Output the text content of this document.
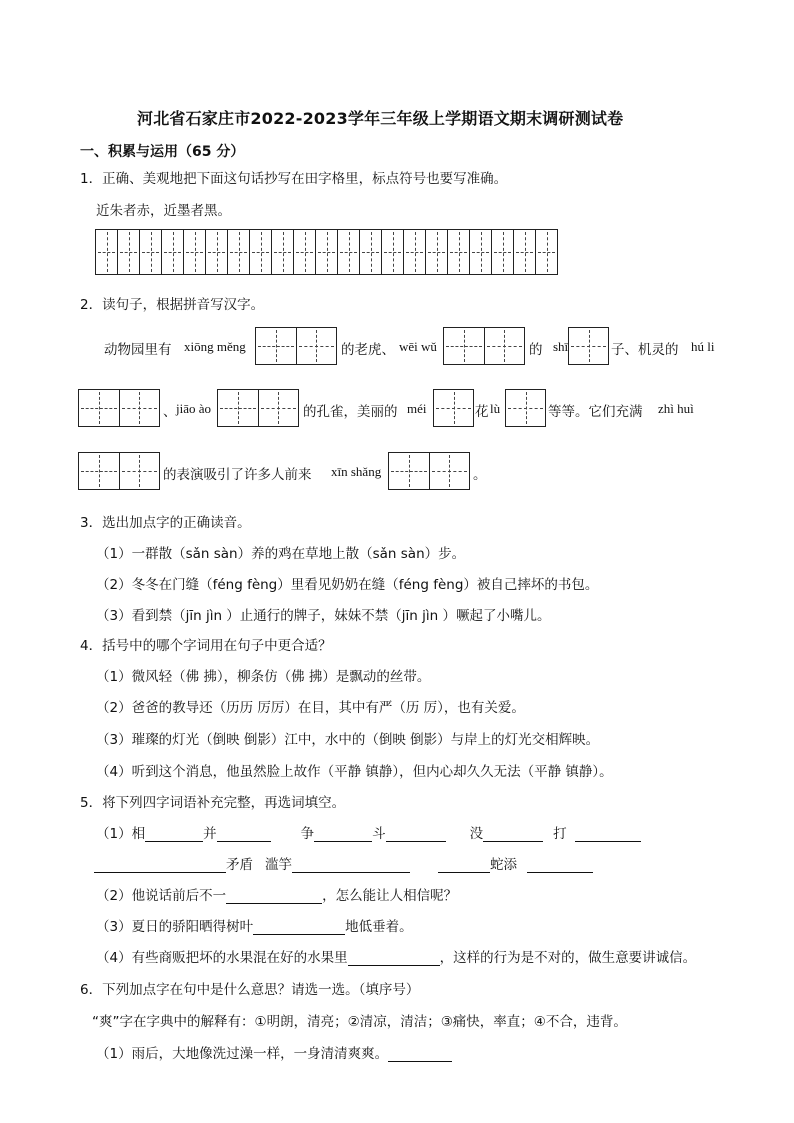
河北省石家庄市2022-2023学年三年级上学期语文期末调研测试卷
一、积累与运用（65 分）
1．正确、美观地把下面这句话抄写在田字格里，标点符号也要写准确。
近朱者赤，近墨者黑。
2．读句子，根据拼音写汉字。
动物园里有 xiōng měng	的老虎、 wēi wǔ	的 shī	子、机灵的 hú li
、 jiāo ào	的孔雀，美丽的 méi	花 lù	等等。它们充满 zhì huì
的表演吸引了许多人前来 xīn shǎng	。
3．选出加点字的正确读音。
（1）一群散（sǎn sàn）养的鸡在草地上散（sǎn sàn）步。
（2）冬冬在门缝（féng fèng）里看见奶奶在缝（féng fèng）被自己摔坏的书包。
（3）看到禁（jīn jìn ）止通行的牌子，妹妹不禁（jīn jìn ）噘起了小嘴儿。
4．括号中的哪个字词用在句子中更合适？
（1）微风轻（佛 拂），柳条仿（佛 拂）是飘动的丝带。
（2）爸爸的教导还（历历 厉厉）在目，其中有严（历 厉），也有关爱。
（3）璀璨的灯光（倒映 倒影）江中，水中的（倒映 倒影）与岸上的灯光交相辉映。
（4）听到这个消息，他虽然脸上故作（平静 镇静），但内心却久久无法（平静 镇静）。
5．将下列四字词语补充完整，再选词填空。
（1）相	并	争	斗	没	打
矛盾 滥竽	蛇添
（2）他说话前后不一	，怎么能让人相信呢？
（3）夏日的骄阳晒得树叶	地低垂着。
（4）有些商贩把坏的水果混在好的水果里	，这样的行为是不对的，做生意要讲诚信。
6．下列加点字在句中是什么意思？请选一选。（填序号）
“爽”字在字典中的解释有：①明朗，清亮；②清凉，清洁；③痛快，率直；④不合，违背。
（1）雨后，大地像洗过澡一样，一身清清爽爽。
